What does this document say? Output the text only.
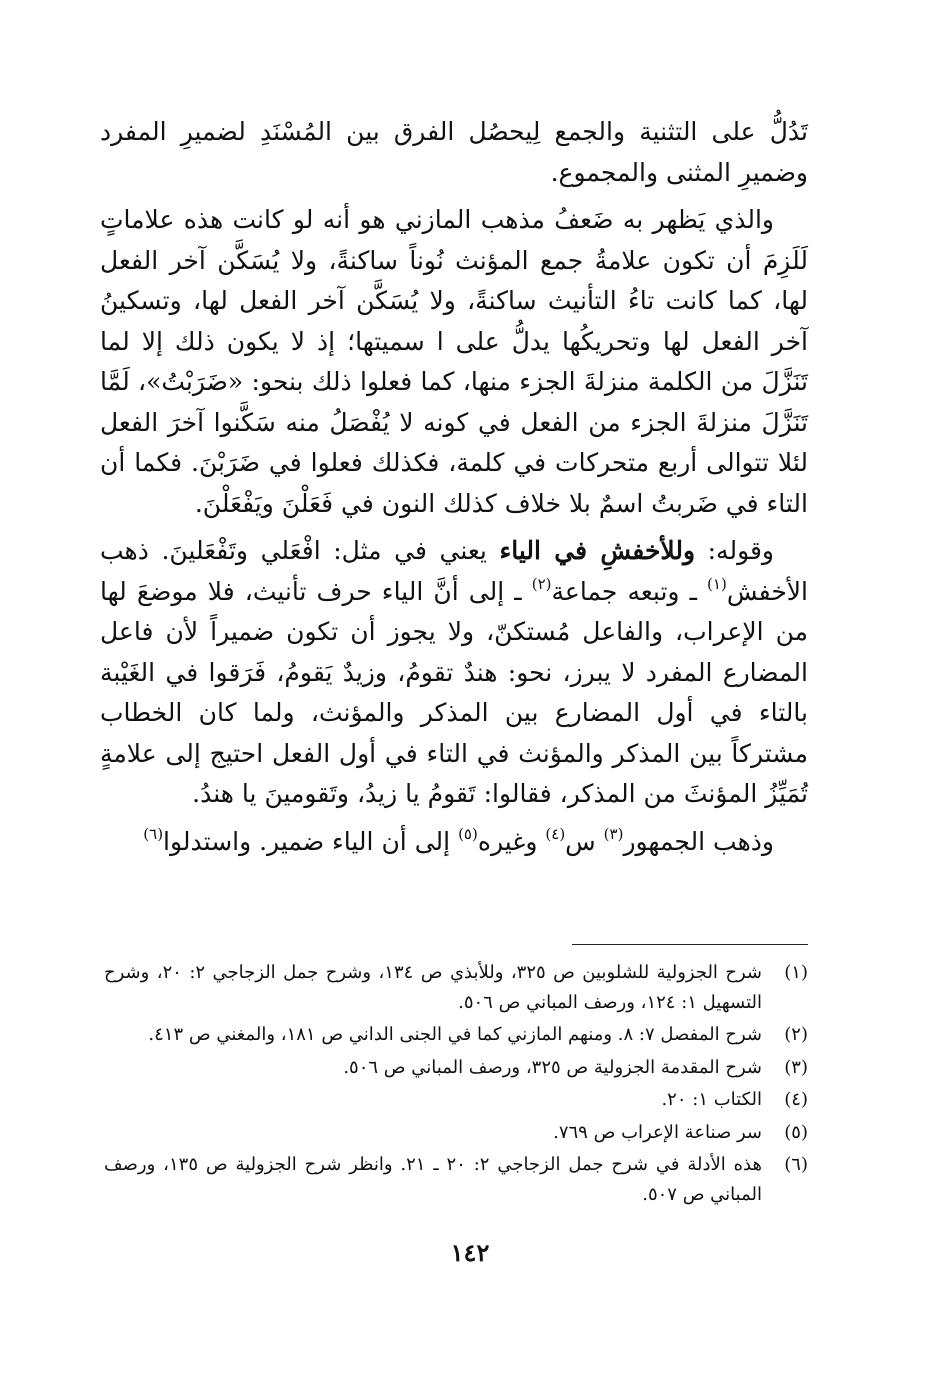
تَدُلُّ على التثنية والجمع لِيحصُل الفرق بين المُسْنَدِ لضميرِ المفرد وضميرِ المثنى والمجموع.

والذي يَظهر به ضَعفُ مذهب المازني هو أنه لو كانت هذه علاماتٍ لَلَزِمَ أن تكون علامةُ جمع المؤنث نُوناً ساكنةً، ولا يُسَكَّن آخر الفعل لها، كما كانت تاءُ التأنيث ساكنةً، ولا يُسَكَّن آخر الفعل لها، وتسكينُ آخر الفعل لها وتحريكُها يدلُّ على ا سميتها؛ إذ لا يكون ذلك إلا لما تَنَزَّلَ من الكلمة منزلةَ الجزء منها، كما فعلوا ذلك بنحو: «ضَرَبْتُ»، لَمَّا تَنَزَّلَ منزلةَ الجزء من الفعل في كونه لا يُفْصَلُ منه سَكَّنوا آخرَ الفعل لئلا تتوالى أربع متحركات في كلمة، فكذلك فعلوا في ضَرَبْنَ. فكما أن التاء في ضَربتُ اسمٌ بلا خلاف كذلك النون في فَعَلْنَ ويَفْعَلْنَ.

وقوله: وللأخفشِ في الياء يعني في مثل: افْعَلي وتَفْعَلينَ. ذهب الأخفش$^{(١)}$ ـ وتبعه جماعة$^{(٢)}$ ـ إلى أنَّ الياء حرف تأنيث، فلا موضعَ لها من الإعراب، والفاعل مُستكنّ، ولا يجوز أن تكون ضميراً لأن فاعل المضارع المفرد لا يبرز، نحو: هندٌ تقومُ، وزيدٌ يَقومُ، فَرَقوا في الغَيْبة بالتاء في أول المضارع بين المذكر والمؤنث، ولما كان الخطاب مشتركاً بين المذكر والمؤنث في التاء في أول الفعل احتيج إلى علامةٍ تُمَيِّزُ المؤنثَ من المذكر، فقالوا: تَقومُ يا زيدُ، وتَقومينَ يا هندُ.

وذهب الجمهور$^{(٣)}$ س$^{(٤)}$ وغيره$^{(٥)}$ إلى أن الياء ضمير. واستدلوا$^{(٦)}$

(١)
شرح الجزولية للشلوبين ص ٣٢٥، وللأبذي ص ١٣٤، وشرح جمل الزجاجي ٢: ٢٠، وشرح التسهيل ١: ١٢٤، ورصف المباني ص ٥٠٦.
(٢)
شرح المفصل ٧: ٨. ومنهم المازني كما في الجنى الداني ص ١٨١، والمغني ص ٤١٣.
(٣)
شرح المقدمة الجزولية ص ٣٢٥، ورصف المباني ص ٥٠٦.
(٤)
الكتاب ١: ٢٠.
(٥)
سر صناعة الإعراب ص ٧٦٩.
(٦)
هذه الأدلة في شرح جمل الزجاجي ٢: ٢٠ ـ ٢١. وانظر شرح الجزولية ص ١٣٥، ورصف المباني ص ٥٠٧.
١٤٢
